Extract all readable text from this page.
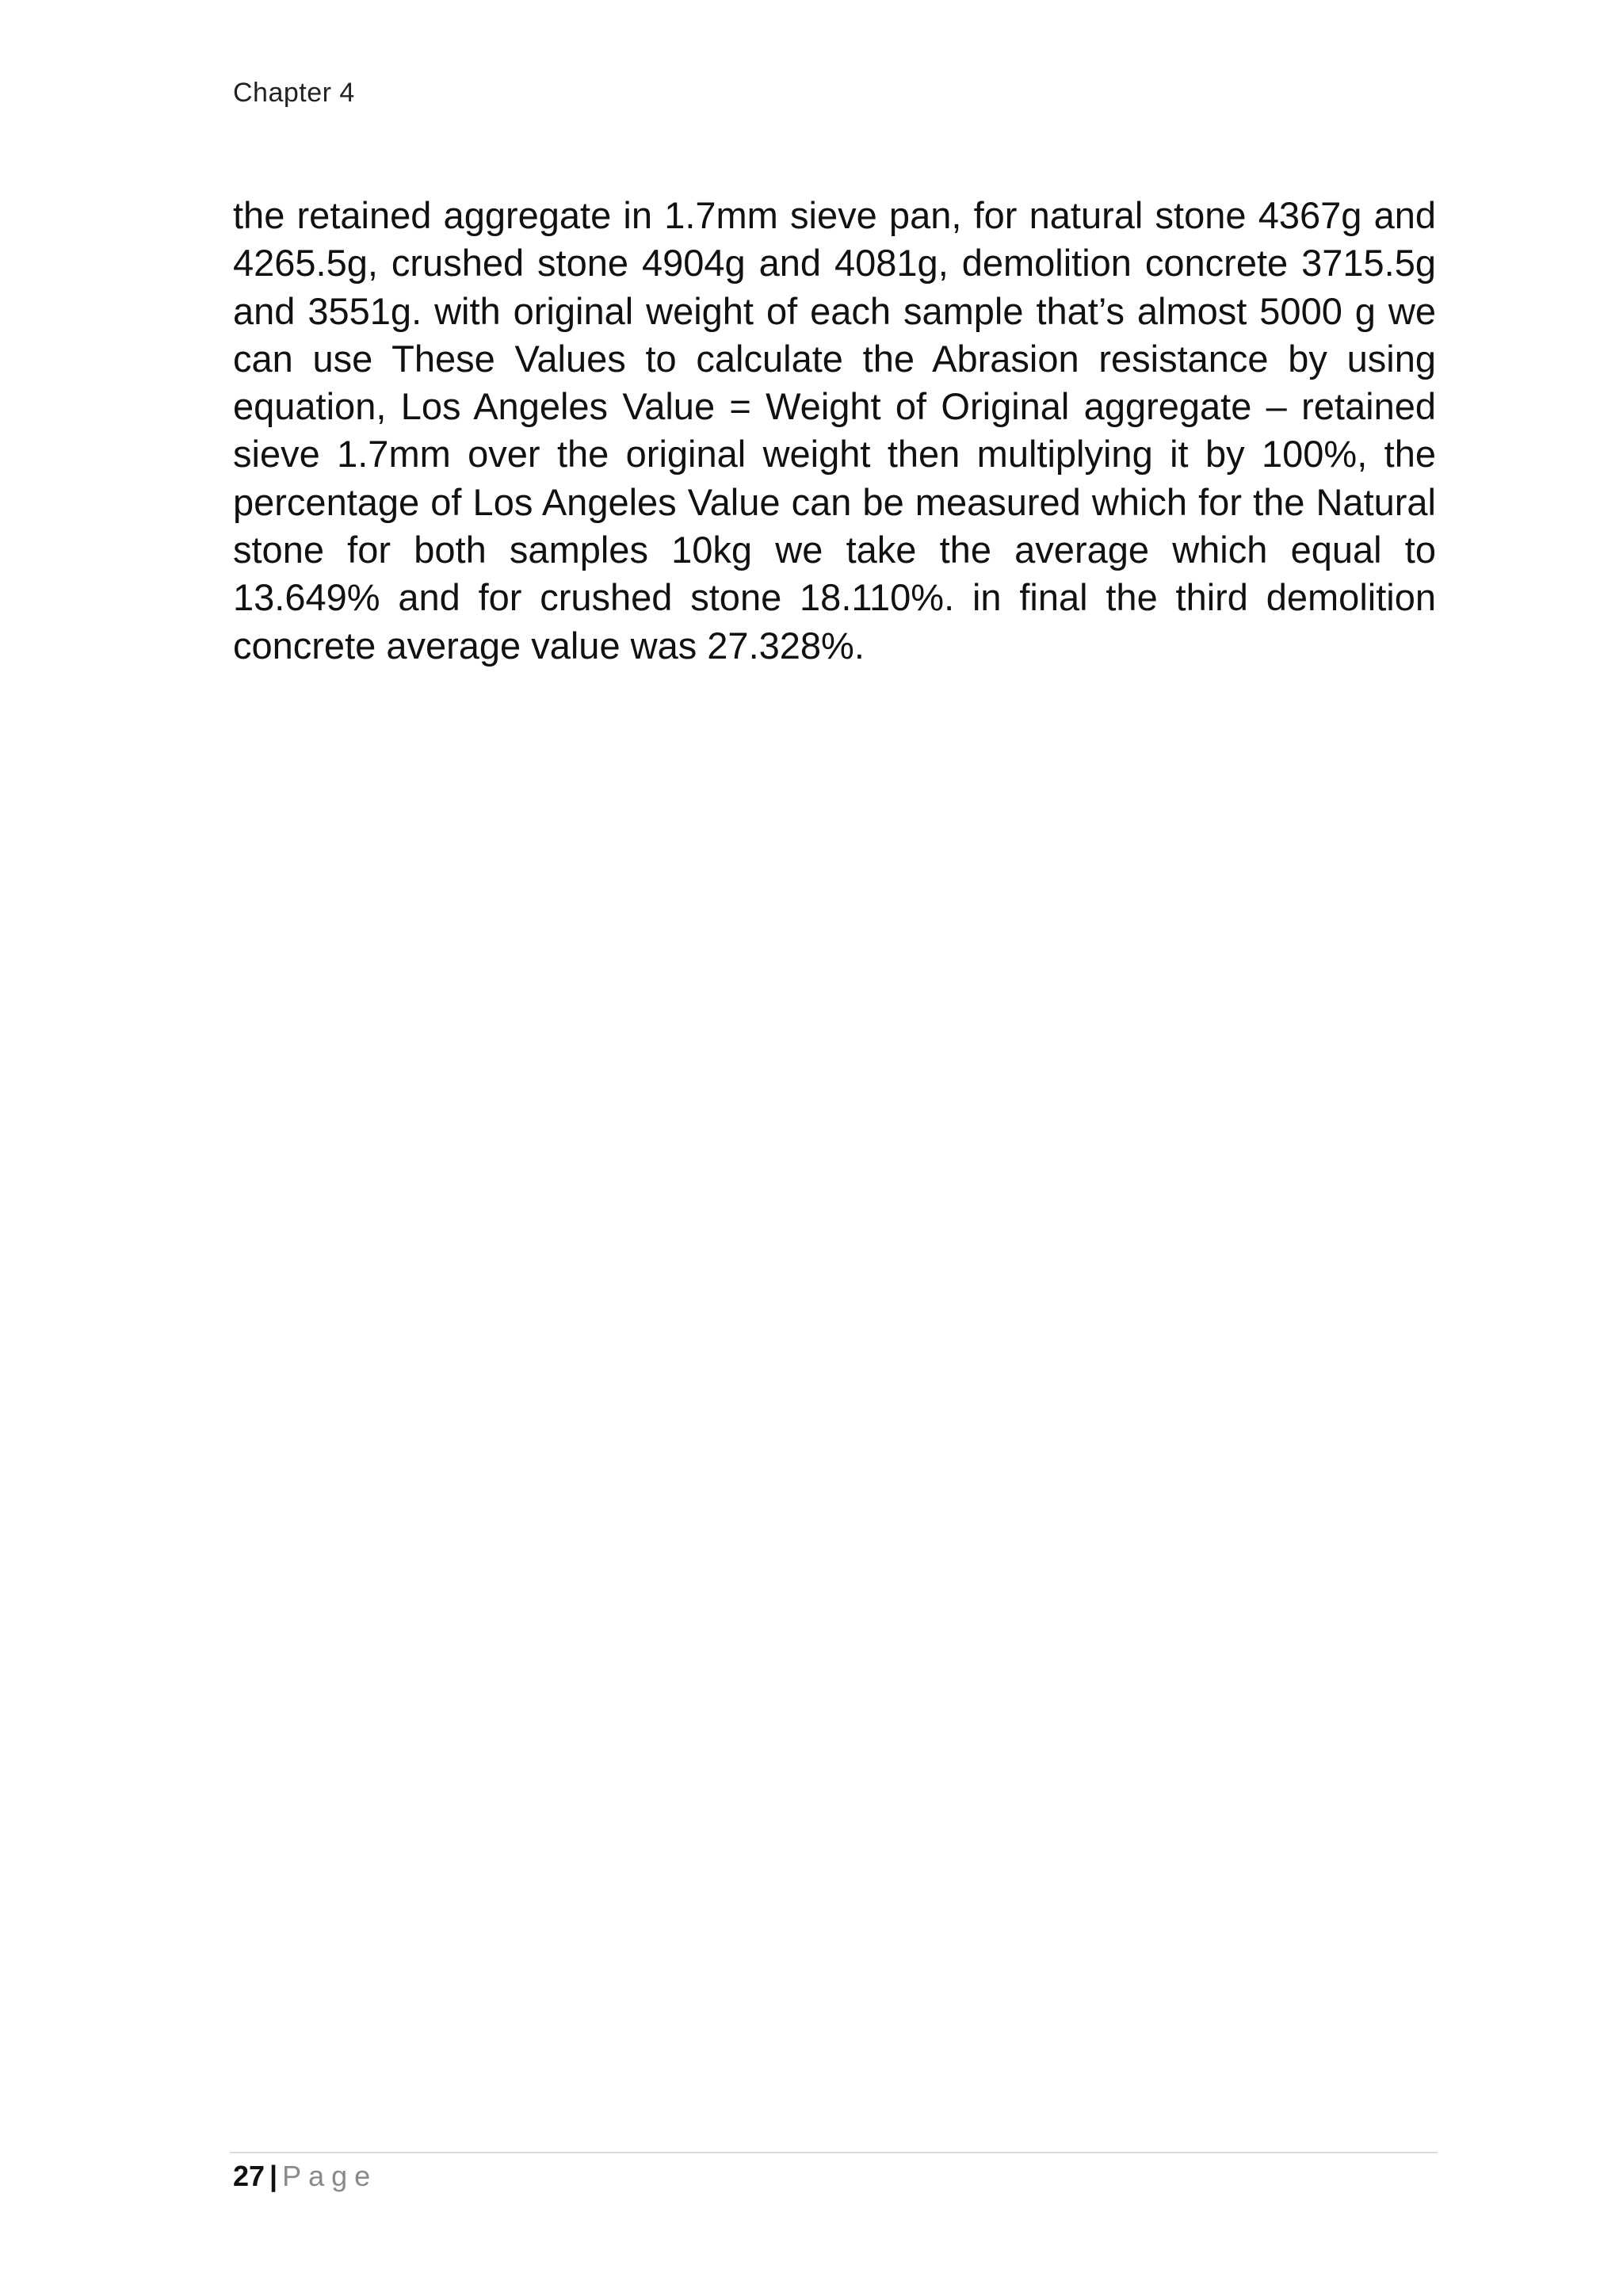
Chapter 4

the retained aggregate in 1.7mm sieve pan, for natural stone 4367g and 4265.5g, crushed stone 4904g and 4081g, demolition concrete 3715.5g and 3551g. with original weight of each sample that’s almost 5000 g we can use These Values to calculate the Abrasion resistance by using equation, Los Angeles Value = Weight of Original aggregate – retained sieve 1.7mm over the original weight then multiplying it by 100%, the percentage of Los Angeles Value can be measured which for the Natural stone for both samples 10kg we take the average which equal to 13.649% and for crushed stone 18.110%. in final the third demolition concrete average value was 27.328%.

27 | Page
